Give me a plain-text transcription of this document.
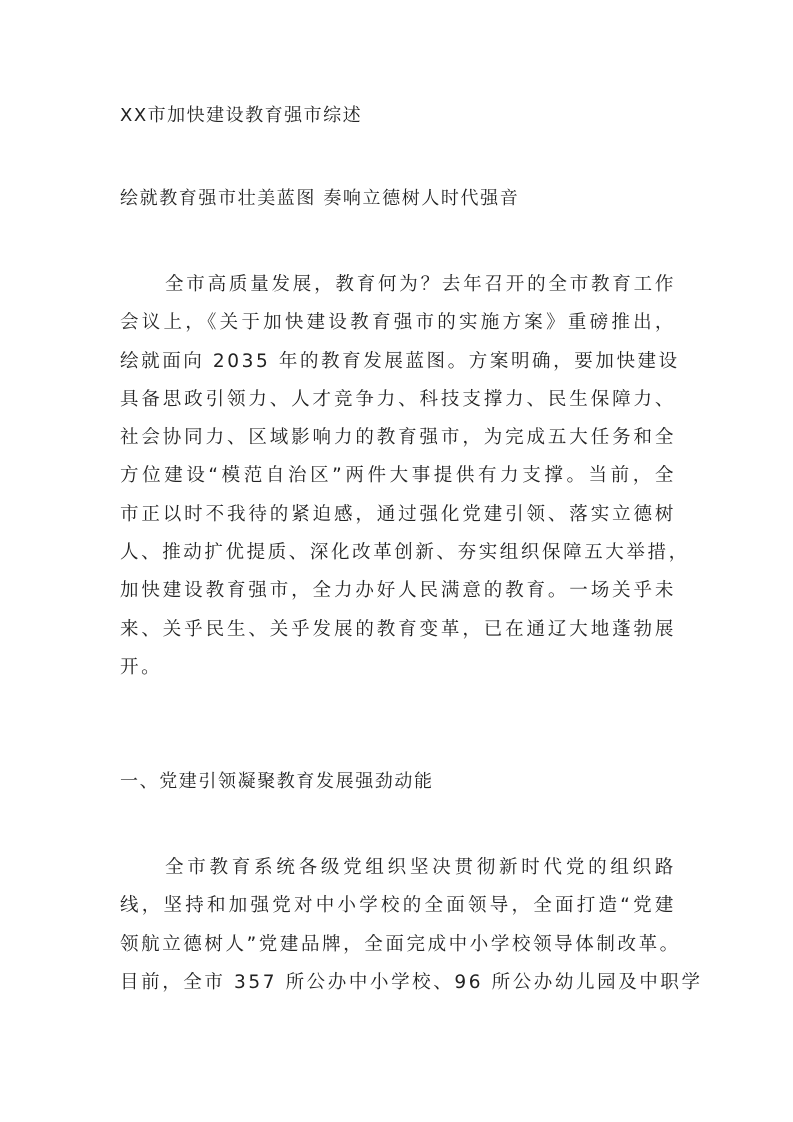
XX市加快建设教育强市综述
绘就教育强市壮美蓝图 奏响立德树人时代强音
全市高质量发展，教育何为？去年召开的全市教育工作
会议上，《关于加快建设教育强市的实施方案》重磅推出，
绘就面向 2035 年的教育发展蓝图。方案明确，要加快建设
具备思政引领力、人才竞争力、科技支撑力、民生保障力、
社会协同力、区域影响力的教育强市，为完成五大任务和全
方位建设“模范自治区”两件大事提供有力支撑。当前，全
市正以时不我待的紧迫感，通过强化党建引领、落实立德树
人、推动扩优提质、深化改革创新、夯实组织保障五大举措，
加快建设教育强市，全力办好人民满意的教育。一场关乎未
来、关乎民生、关乎发展的教育变革，已在通辽大地蓬勃展
开。
一、党建引领凝聚教育发展强劲动能
全市教育系统各级党组织坚决贯彻新时代党的组织路
线，坚持和加强党对中小学校的全面领导，全面打造“党建
领航立德树人”党建品牌，全面完成中小学校领导体制改革。
目前，全市 357 所公办中小学校、96 所公办幼儿园及中职学
